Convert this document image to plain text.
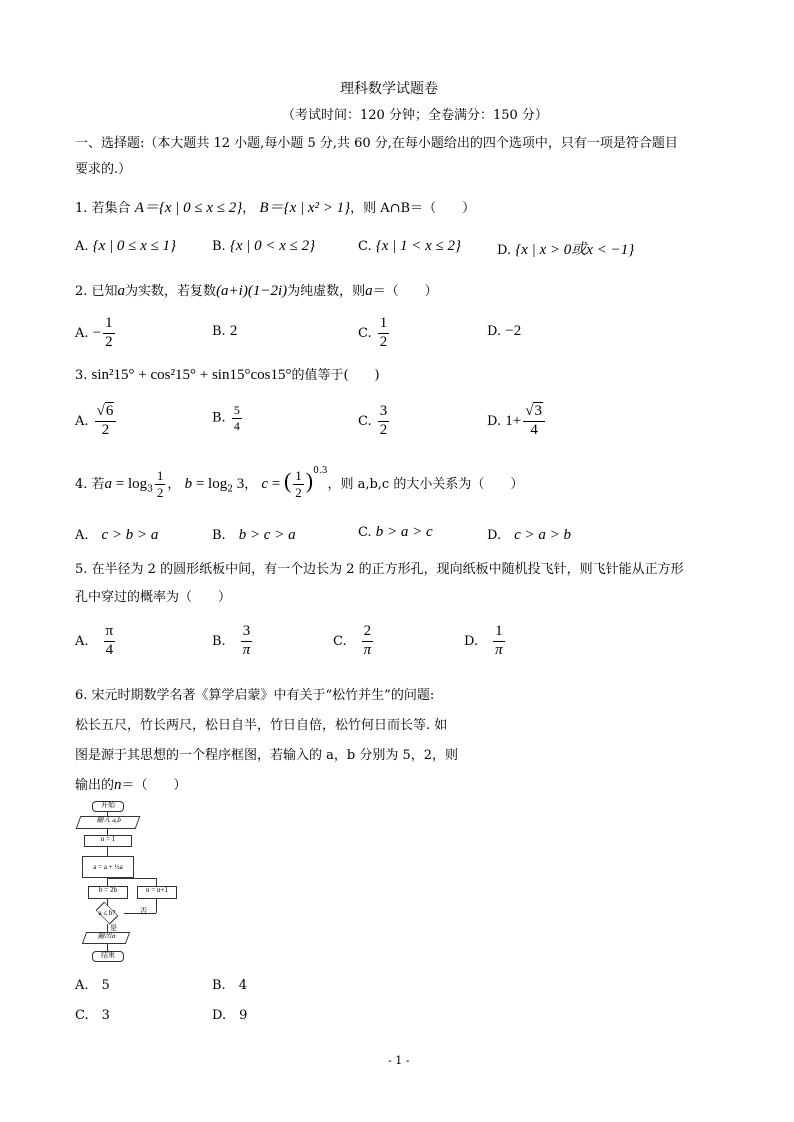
理科数学试题卷
（考试时间：120 分钟；全卷满分：150 分）
一、选择题:（本大题共 12 小题,每小题 5 分,共 60 分,在每小题给出的四个选项中，只有一项是符合题目
要求的.）
1. 若集合 A＝{x | 0 ≤ x ≤ 2}， B＝{x | x² > 1}，则 A∩B＝（　　）
A. {x | 0 ≤ x ≤ 1}	B. {x | 0 < x ≤ 2}	C. {x | 1 < x ≤ 2}	D. {x | x > 0或x < −1}
2. 已知a为实数，若复数(a+i)(1−2i)为纯虚数，则a＝（　　）
A. − $\frac{1}{2}$	B. 2	C. $\frac{1}{2}$	D. −2
3. sin²15° + cos²15° + sin15°cos15°的值等于(　　)
A. $\frac{√6}{2}$	B. $\frac{5}{4}$	C. $\frac{3}{2}$	D. $1+ \frac{√3}{4}$
4. 若$a = \log_3 \frac{1}{2}$ ， $b = \log_2 3$， c = ( $\frac{1}{2} )^{0.3}$，则 a,b,c 的大小关系为（　　）
A.　c > b > a	B.　b > c > a	C. b > a > c	D.　c > a > b
5. 在半径为 2 的圆形纸板中间，有一个边长为 2 的正方形孔，现向纸板中随机投飞针，则飞针能从正方形
孔中穿过的概率为（　　）
A.　 $\frac{\pi}{4}$	B.　 $\frac{3}{\pi}$	C.　 $\frac{2}{\pi}$	D.　 $\frac{1}{\pi}$
6. 宋元时期数学名著《算学启蒙》中有关于“松竹并生”的问题:
松长五尺，竹长两尺，松日自半，竹日自倍，松竹何日而长等. 如
图是源于其思想的一个程序框图，若输入的 a，b 分别为 5，2，则
输出的n＝（　　）
开始
输入 a,b
n = 1
a = a + ½a
b = 2b	n = n+1
a ≤ b?	否
是
输出n
结束
A.　5	B.　4
C.　3	D.　9
- 1 -
